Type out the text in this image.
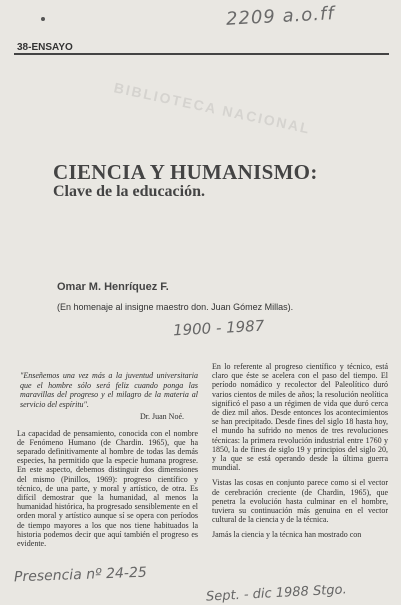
2209 a.o.ff
38-ENSAYO
BIBLIOTECA NACIONAL
CIENCIA Y HUMANISMO:
Clave de la educación.
Omar M. Henríquez F.
(En homenaje al insigne maestro don. Juan Gómez Millas).
1900 - 1987

"Enseñemos una vez más a la juventud universitaria que el hombre sólo será feliz cuando ponga las maravillas del progreso y el milagro de la materia al servicio del espíritu".

Dr. Juan Noé.

La capacidad de pensamiento, conocida con el nombre de Fenómeno Humano (de Chardin. 1965), que ha separado definitivamente al hombre de todas las demás especies, ha permitido que la especie humana progrese. En este aspecto, debemos distinguir dos dimensiones del mismo (Pinillos, 1969): progreso científico y técnico, de una parte, y moral y artístico, de otra. Es difícil demostrar que la humanidad, al menos la humanidad histórica, ha progresado sensiblemente en el orden moral y artístico aunque sí se opera con períodos de tiempo mayores a los que nos tiene habituados la historia podemos decir que aquí también el progreso es evidente.

En lo referente al progreso científico y técnico, está claro que éste se acelera con el paso del tiempo. El período nomádico y recolector del Paleolítico duró varios cientos de miles de años; la resolución neolítica significó el paso a un régimen de vida que duró cerca de diez mil años. Desde entonces los acontecimientos se han precipitado. Desde fines del siglo 18 hasta hoy, el mundo ha sufrido no menos de tres revoluciones técnicas: la primera revolución industrial entre 1760 y 1850, la de fines de siglo 19 y principios del siglo 20, y la que se está operando desde la última guerra mundial.

Vistas las cosas en conjunto parece como si el vector de cerebración creciente (de Chardin, 1965), que penetra la evolución hasta culminar en el hombre, tuviera su continuación más genuina en el vector cultural de la ciencia y de la técnica.

Jamás la ciencia y la técnica han mostrado con

Presencia nº 24-25
Sept. - dic 1988 Stgo.
